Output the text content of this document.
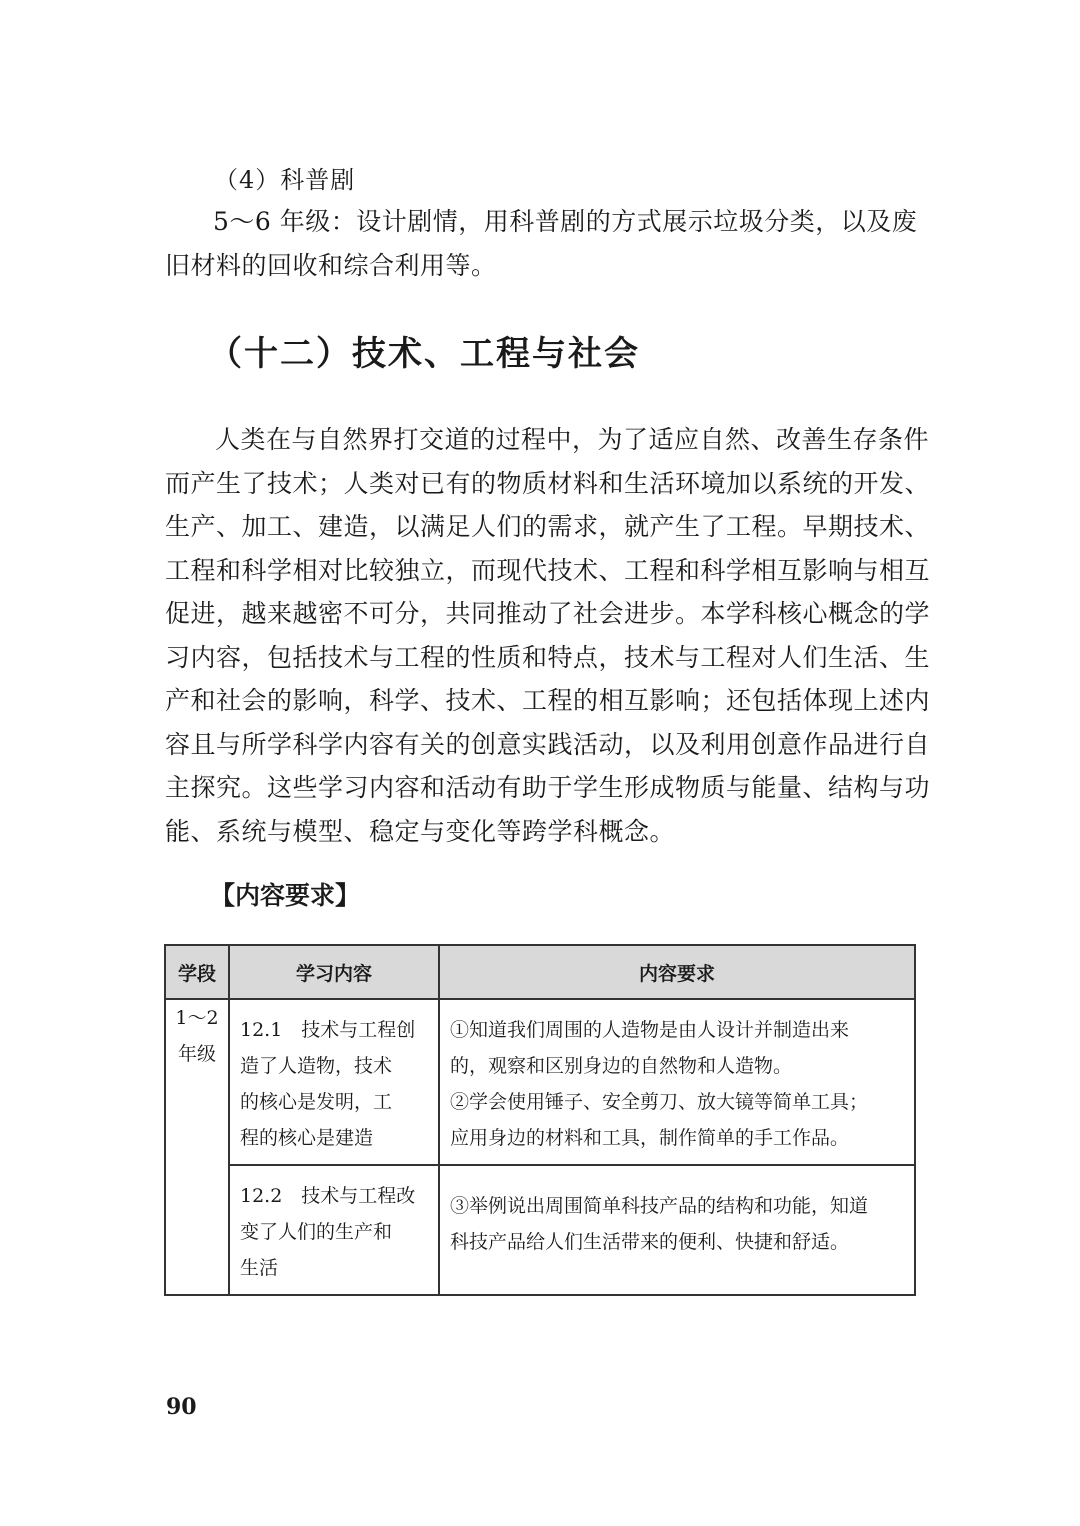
（4）科普剧
5～6 年级：设计剧情，用科普剧的方式展示垃圾分类，以及废
旧材料的回收和综合利用等。
（十二）技术、工程与社会
人类在与自然界打交道的过程中，为了适应自然、改善生存条件
而产生了技术；人类对已有的物质材料和生活环境加以系统的开发、
生产、加工、建造，以满足人们的需求，就产生了工程。早期技术、
工程和科学相对比较独立，而现代技术、工程和科学相互影响与相互
促进，越来越密不可分，共同推动了社会进步。本学科核心概念的学
习内容，包括技术与工程的性质和特点，技术与工程对人们生活、生
产和社会的影响，科学、技术、工程的相互影响；还包括体现上述内
容且与所学科学内容有关的创意实践活动，以及利用创意作品进行自
主探究。这些学习内容和活动有助于学生形成物质与能量、结构与功
能、系统与模型、稳定与变化等跨学科概念。
【内容要求】
学段	学习内容	内容要求

1～2
年级	12.1　技术与工程创
造了人造物，技术
的核心是发明，工
程的核心是建造	①知道我们周围的人造物是由人设计并制造出来
的，观察和区别身边的自然物和人造物。
②学会使用锤子、安全剪刀、放大镜等简单工具；
应用身边的材料和工具，制作简单的手工作品。

	12.2　技术与工程改
变了人们的生产和
生活	③举例说出周围简单科技产品的结构和功能，知道
科技产品给人们生活带来的便利、快捷和舒适。
90
